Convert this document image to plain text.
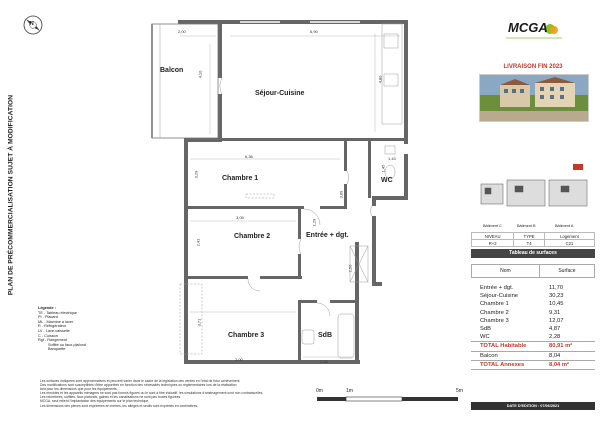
PLAN DE PRÉCOMMERCIALISATION SUJET À MODIFICATION
N
Balcon
Séjour-Cuisine
Chambre 1
Chambre 2	Entrée + dgt.
WC
Chambre 3	SdB
2,00	6,90
4,10
4,80
6,36
3,29
1,43
1,45
3,89
2,41
3,05
1,29
2,50
3,71
2,00	2,54
Légende :
TE - Tableau électrique
PI - Placard
ML - Machine à laver
R - Réfrigérateur
LV - Lave-vaisselle
C - Cuisson
Rgt - Rangement
Soffite ou faux-plafond
Banquette
Les surfaces indiquées sont approximatives et peuvent varier dans le cadre de la législation des ventes en l'état de futur achèvement.
Des modifications sont susceptibles d'être apportées en fonction des nécessités techniques ou réglementaires lors de la réalisation
tant pour les dimensions que pour les équipements.
Les meubles et les appareils ménagers ne sont pas fournis figurés ou le sont à titre indicatif, les simulations d'aménagement sont non contractuelles.
Les retombées, soffites, faux plafonds, gaines et les canalisations ne sont pas toutes figurées.
MCGA, seul retient l'implantation des équipements sur le plan technique.
Les dimensions des pièces sont exprimées en mètres, les allèges et seuils sont exprimés en centimètres.
0m	1m	5m
MCGA
LIVRAISON FIN 2023
Bâtiment C	Bâtiment B	Bâtiment A
NIVEAU	TYPE	Logement
R+2	T4	C21
Tableau de surfaces
Nom	Surface
Entrée + dgt.	11,70
Séjour-Cuisine	30,23
Chambre 1	10,45
Chambre 2	9,31
Chambre 3	12,07
SdB	4,87
WC	2,28
TOTAL Habitable	80,91 m²
Balcon	8,04
TOTAL Annexes	8,04 m²
DATE D'EDITION : 07/06/2021
